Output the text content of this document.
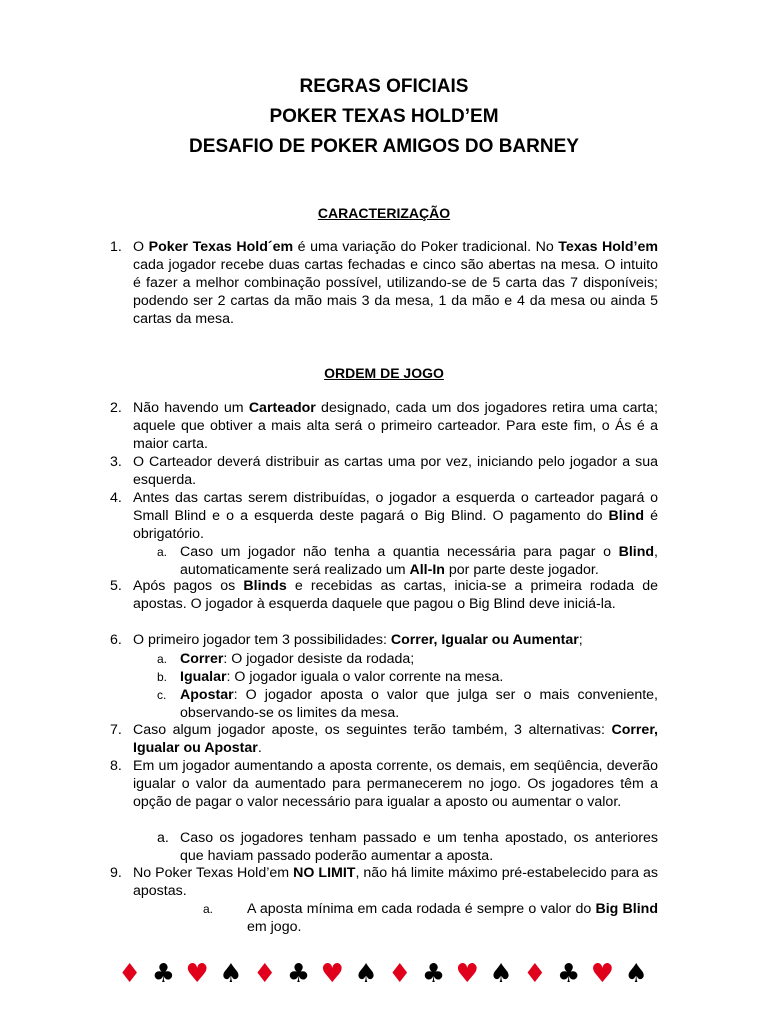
REGRAS OFICIAIS

POKER TEXAS HOLD’EM

DESAFIO DE POKER AMIGOS DO BARNEY

CARACTERIZAÇÃO
1. O Poker Texas Hold´em é uma variação do Poker tradicional. No Texas Hold’em cada jogador recebe duas cartas fechadas e cinco são abertas na mesa. O intuito é fazer a melhor combinação possível, utilizando-se de 5 carta das 7 disponíveis; podendo ser 2 cartas da mão mais 3 da mesa, 1 da mão e 4 da mesa ou ainda 5 cartas da mesa.
ORDEM DE JOGO
2. Não havendo um Carteador designado, cada um dos jogadores retira uma carta; aquele que obtiver a mais alta será o primeiro carteador. Para este fim, o Ás é a maior carta.
3. O Carteador deverá distribuir as cartas uma por vez, iniciando pelo jogador a sua esquerda.
4. Antes das cartas serem distribuídas, o jogador a esquerda o carteador pagará o Small Blind e o a esquerda deste pagará o Big Blind. O pagamento do Blind é obrigatório.
a. Caso um jogador não tenha a quantia necessária para pagar o Blind, automaticamente será realizado um All-In por parte deste jogador.
5. Após pagos os Blinds e recebidas as cartas, inicia-se a primeira rodada de apostas. O jogador à esquerda daquele que pagou o Big Blind deve iniciá-la.
6. O primeiro jogador tem 3 possibilidades: Correr, Igualar ou Aumentar;
a. Correr: O jogador desiste da rodada;
b. Igualar: O jogador iguala o valor corrente na mesa.
c. Apostar: O jogador aposta o valor que julga ser o mais conveniente, observando-se os limites da mesa.
7. Caso algum jogador aposte, os seguintes terão também, 3 alternativas: Correr, Igualar ou Apostar.
8. Em um jogador aumentando a aposta corrente, os demais, em seqüência, deverão igualar o valor da aumentado para permanecerem no jogo. Os jogadores têm a opção de pagar o valor necessário para igualar a aposto ou aumentar o valor.
a. Caso os jogadores tenham passado e um tenha apostado, os anteriores que haviam passado poderão aumentar a aposta.
9. No Poker Texas Hold’em NO LIMIT, não há limite máximo pré-estabelecido para as apostas.
a. A aposta mínima em cada rodada é sempre o valor do Big Blind em jogo.
♦ ♣ ♥ ♠ ♦ ♣ ♥ ♠ ♦ ♣ ♥ ♠ ♦ ♣ ♥ ♠
